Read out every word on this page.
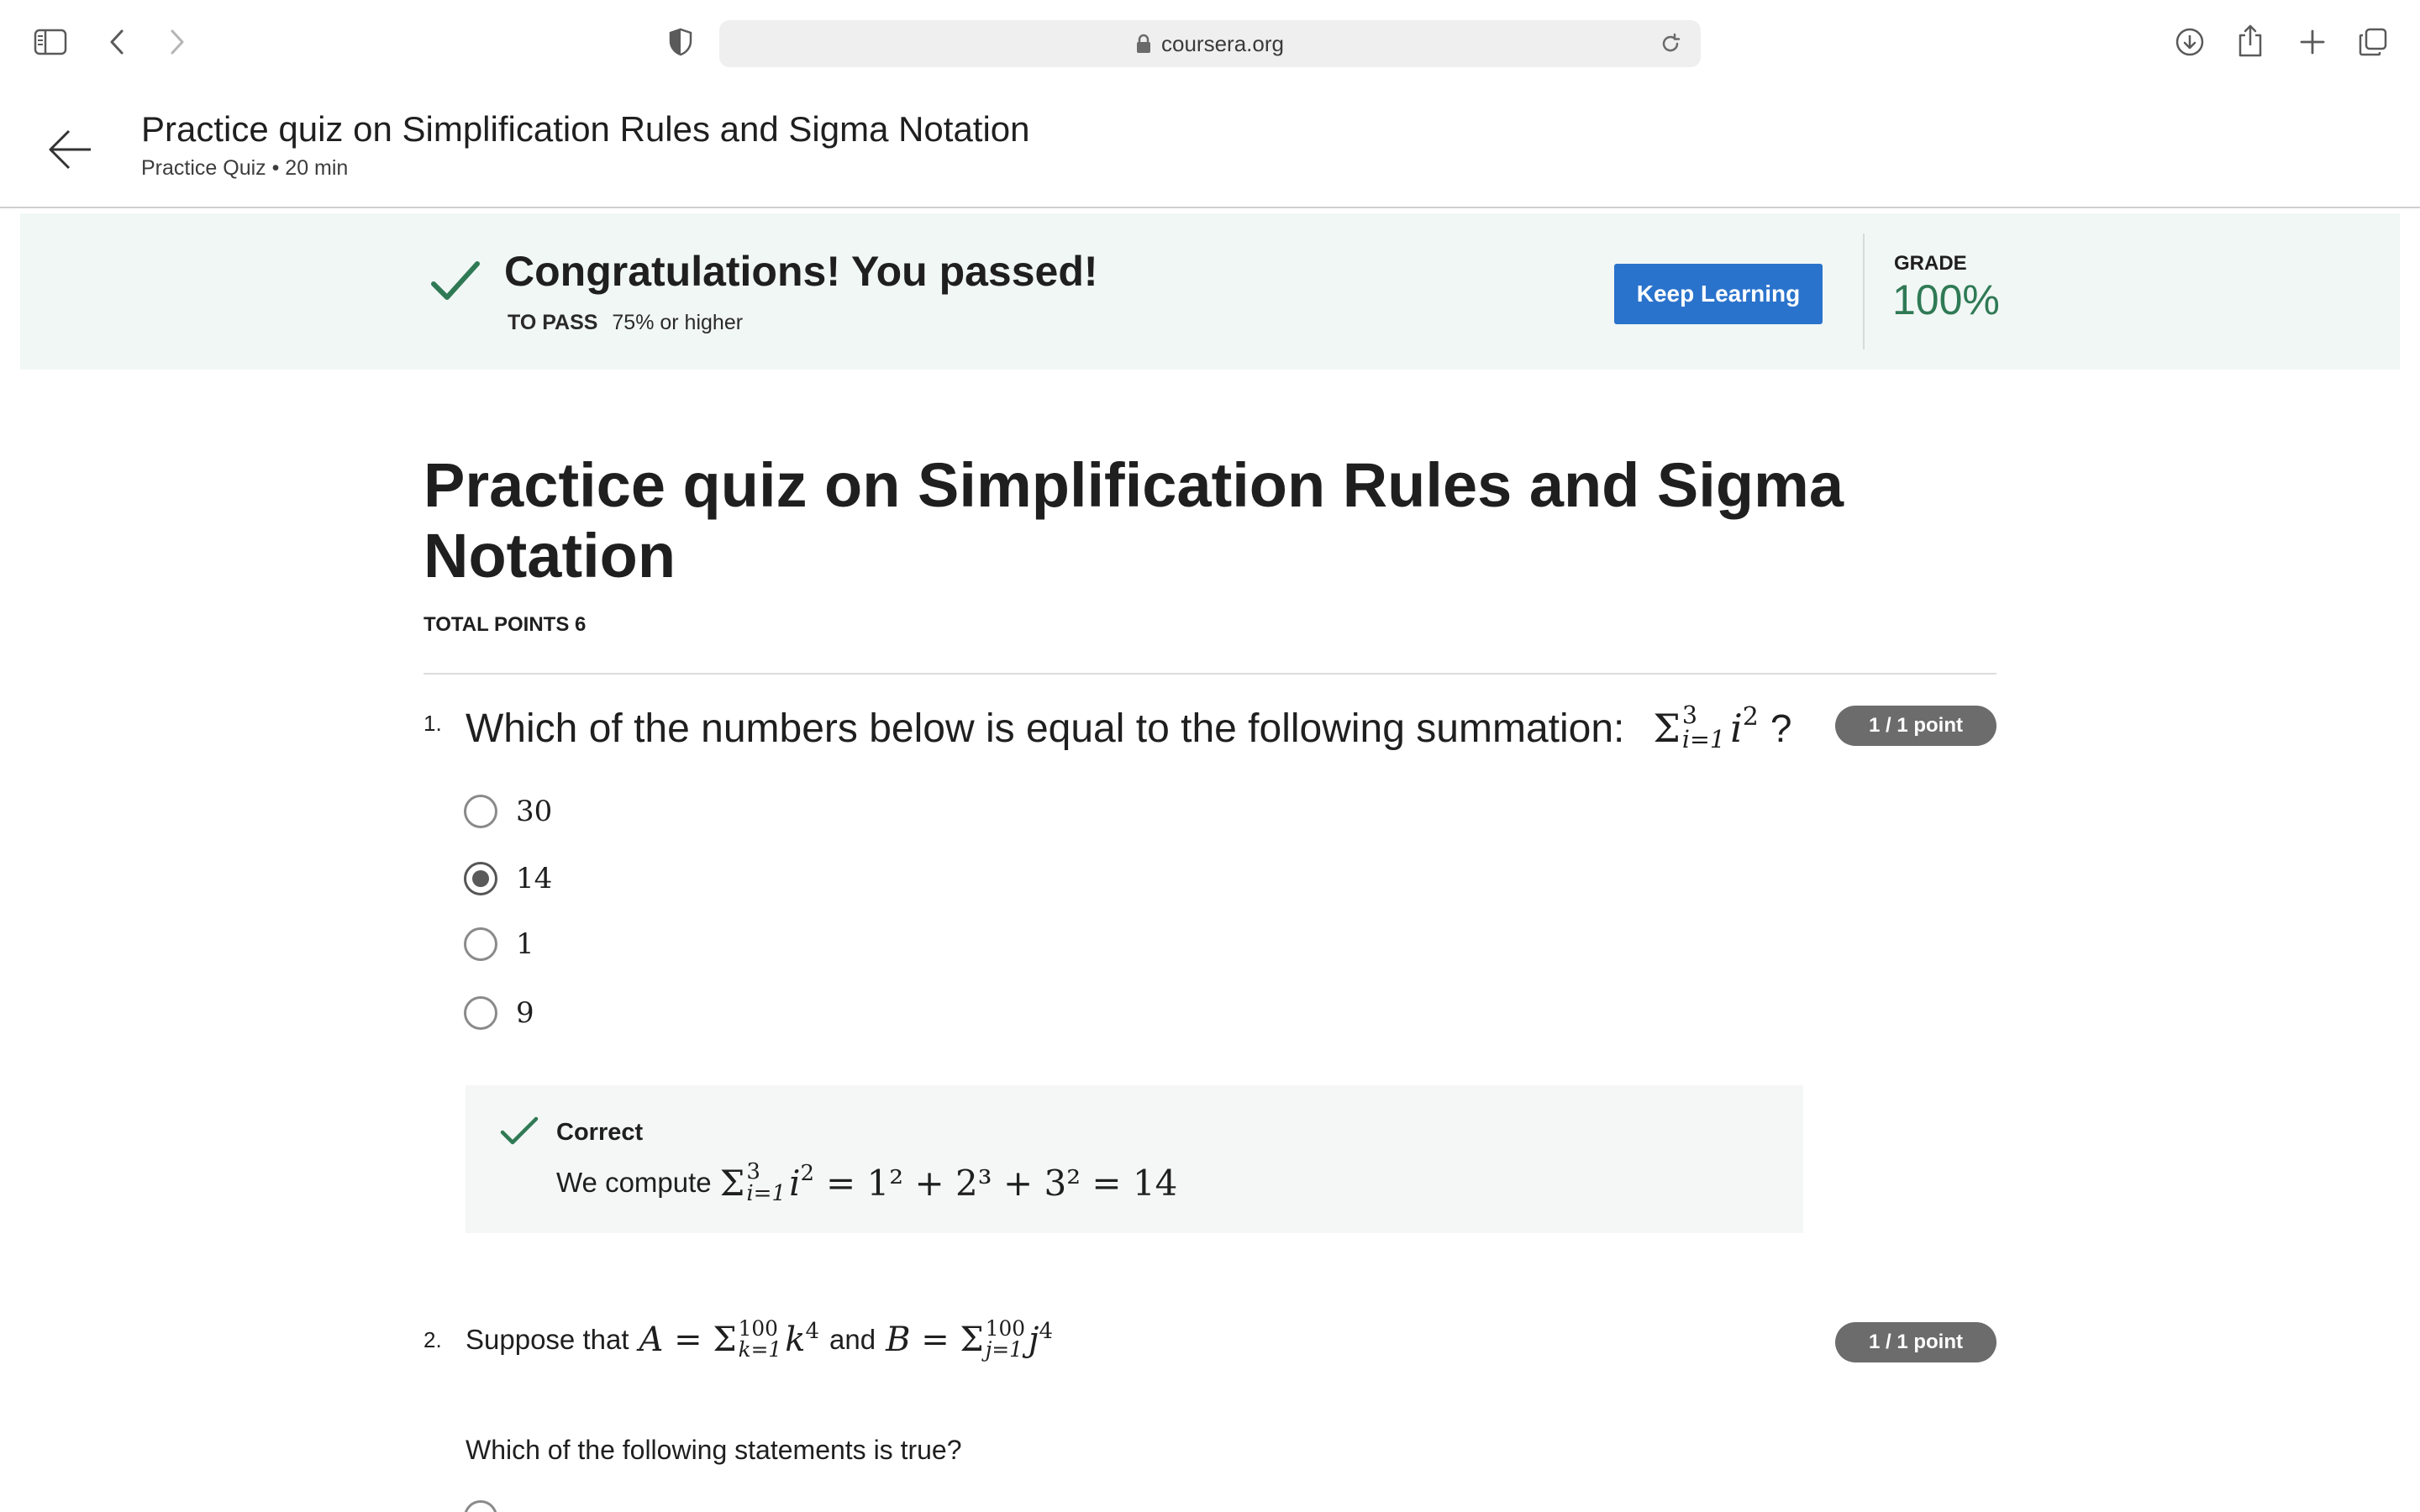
coursera.org
Practice quiz on Simplification Rules and Sigma Notation
Practice Quiz • 20 min
Congratulations! You passed!
TO PASS 75% or higher
Keep Learning
GRADE
100%
Practice quiz on Simplification Rules and Sigma Notation
TOTAL POINTS 6
1. Which of the numbers below is equal to the following summation: Σ 3
i=1 i 2 ?	1 / 1 point
30
14
1
9
Correct
We compute Σ 3
i=1 i 2 = 1² + 2³ + 3² = 14
2. Suppose that A = Σ 100
k=1 k 4 and B = Σ 100
j=1 j 4	1 / 1 point
Which of the following statements is true?
